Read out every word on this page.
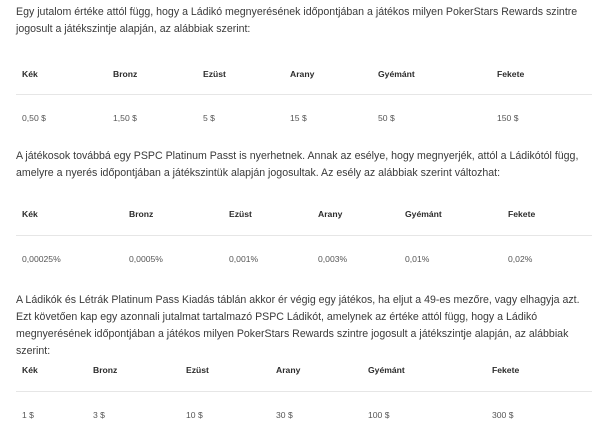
Egy jutalom értéke attól függ, hogy a Ládikó megnyerésének időpontjában a játékos milyen PokerStars Rewards szintre jogosult a játékszintje alapján, az alábbiak szerint:

Kék	Bronz	Ezüst	Arany	Gyémánt	Fekete
0,50 $	1,50 $	5 $	15 $	50 $	150 $

A játékosok továbbá egy PSPC Platinum Passt is nyerhetnek. Annak az esélye, hogy megnyerjék, attól a Ládikótól függ, amelyre a nyerés időpontjában a játékszintük alapján jogosultak. Az esély az alábbiak szerint változhat:

Kék	Bronz	Ezüst	Arany	Gyémánt	Fekete
0,00025%	0,0005%	0,001%	0,003%	0,01%	0,02%

A Ládikók és Létrák Platinum Pass Kiadás táblán akkor ér végig egy játékos, ha eljut a 49-es mezőre, vagy elhagyja azt. Ezt követően kap egy azonnali jutalmat tartalmazó PSPC Ládikót, amelynek az értéke attól függ, hogy a Ládikó megnyerésének időpontjában a játékos milyen PokerStars Rewards szintre jogosult a játékszintje alapján, az alábbiak szerint:

Kék	Bronz	Ezüst	Arany	Gyémánt	Fekete
1 $	3 $	10 $	30 $	100 $	300 $
